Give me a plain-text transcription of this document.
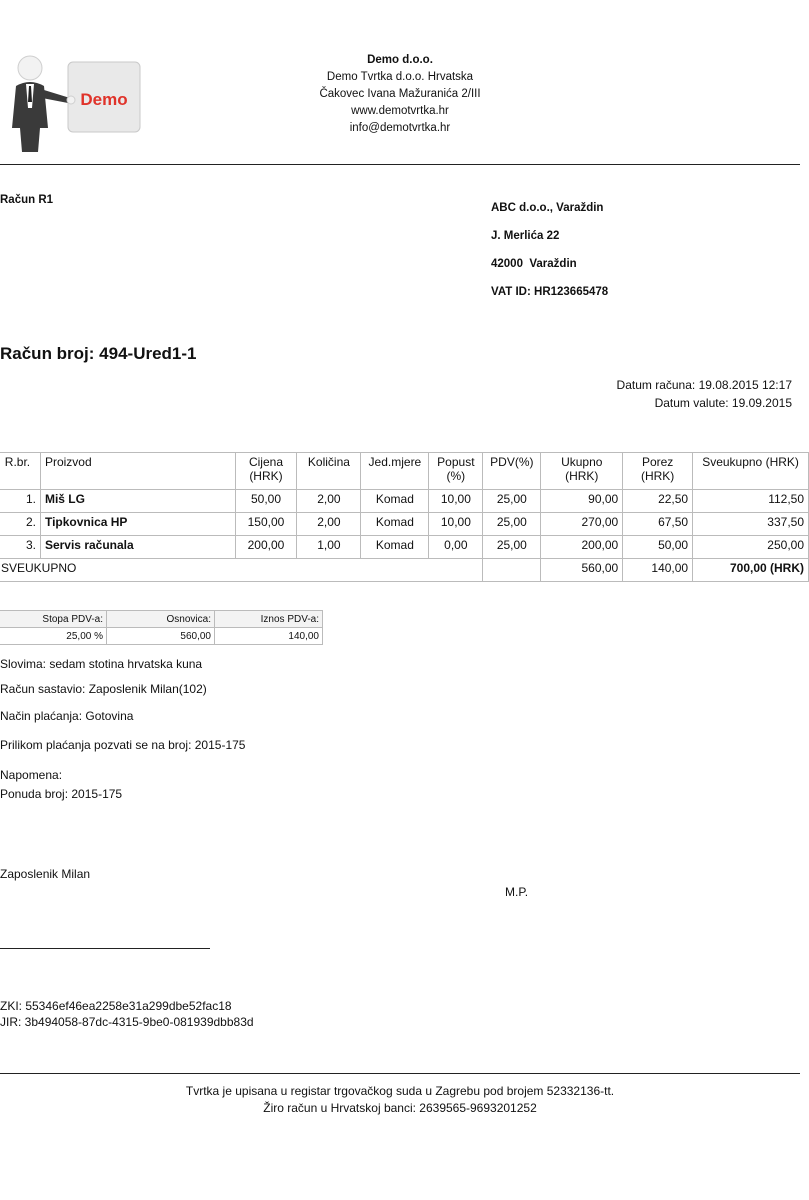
Demo
Demo d.o.o.
Demo Tvrtka d.o.o. Hrvatska
Čakovec Ivana Mažuranića 2/III
www.demotvrtka.hr
info@demotvrtka.hr
Račun R1
ABC d.o.o., Varaždin
J. Merlića 22
42000  Varaždin
VAT ID: HR123665478
Račun broj: 494-Ured1-1
Datum računa: 19.08.2015 12:17
Datum valute: 19.09.2015
R.br.	Proizvod	Cijena (HRK)	Količina	Jed.mjere	Popust (%)	PDV(%)	Ukupno (HRK)	Porez (HRK)	Sveukupno (HRK)
1.	Miš LG	50,00	2,00	Komad	10,00	25,00	90,00	22,50	112,50
2.	Tipkovnica HP	150,00	2,00	Komad	10,00	25,00	270,00	67,50	337,50
3.	Servis računala	200,00	1,00	Komad	0,00	25,00	200,00	50,00	250,00
SVEUKUPNO							560,00	140,00	700,00 (HRK)
Stopa PDV-a:	Osnovica:	Iznos PDV-a:
25,00 %	560,00	140,00
Slovima: sedam stotina hrvatska kuna
Račun sastavio: Zaposlenik Milan(102)
Način plaćanja: Gotovina
Prilikom plaćanja pozvati se na broj: 2015-175
Napomena:
Ponuda broj: 2015-175
Zaposlenik Milan
M.P.
ZKI: 55346ef46ea2258e31a299dbe52fac18
JIR: 3b494058-87dc-4315-9be0-081939dbb83d
Tvrtka je upisana u registar trgovačkog suda u Zagrebu pod brojem 52332136-tt.
Žiro račun u Hrvatskoj banci: 2639565-9693201252
